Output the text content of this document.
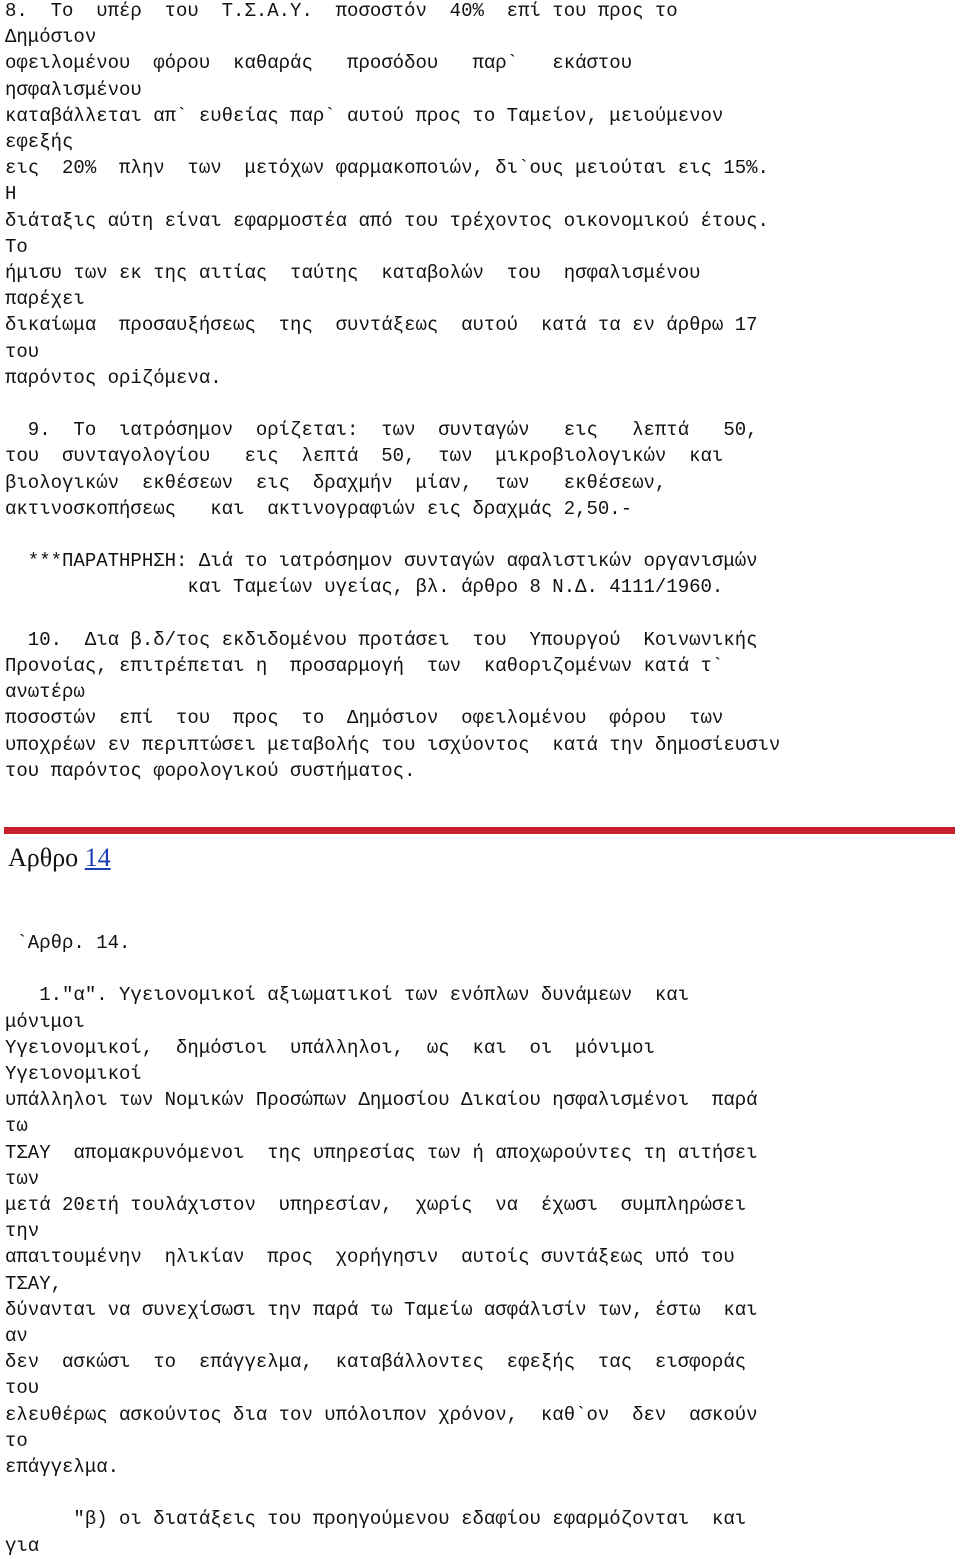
8.  Το  υπέρ  του  Τ.Σ.Α.Υ.  ποσοστόν  40%  επί του προς το
Δημόσιον
οφειλομένου  φόρου  καθαράς   προσόδου   παρ`   εκάστου
ησφαλισμένου
καταβάλλεται απ` ευθείας παρ` αυτού προς το Ταμείον, μειούμενον
εφεξής
εις  20%  πλην  των  μετόχων φαρμακοποιών, δι`ους μειούται εις 15%.
Η
διάταξις αύτη είναι εφαρμοστέα από του τρέχοντος οικονομικού έτους.
Το
ήμισυ των εκ της αιτίας  ταύτης  καταβολών  του  ησφαλισμένου
παρέχει
δικαίωμα  προσαυξήσεως  της  συντάξεως  αυτού  κατά τα εν άρθρω 17
του
παρόντος ορiζόμενα.
9.  Το  ιατρόσημον  ορίζεται:  των  συνταγών   εις   λεπτά   50,
του  συνταγολογίου   εις  λεπτά  50,  των  μικροβιολογικών  και
βιολογικών  εκθέσεων  εις  δραχμήν  μίαν,  των   εκθέσεων,
ακτινοσκοπήσεως   και  ακτινογραφιών εις δραχμάς 2,50.-
***ΠΑΡΑΤΗΡΗΣΗ: Διά το ιατρόσημον συνταγών αφαλιστικών οργανισμών
και Ταμείων υγείας, βλ. άρθρο 8 Ν.Δ. 4111/1960.
10.  Δια β.δ/τος εκδιδομένου προτάσει  του  Υπουργού  Κοινωνικής
Προνοίας, επιτρέπεται η  προσαρμογή  των  καθοριζομένων κατά τ`
ανωτέρω
ποσοστών  επί  του  προς  το  Δημόσιον  οφειλομένου  φόρου  των
υποχρέων εν περιπτώσει μεταβολής του ισχύοντος  κατά την δημοσίευσιν
του παρόντος φορολογικού συστήματος.
Αρθρο 14
`Αρθρ. 14.
1."α". Υγειονομικοί αξιωματικοί των ενόπλων δυνάμεων  και
μόνιμοι
Υγειονομικοί,  δημόσιοι  υπάλληλοι,  ως  και  οι  μόνιμοι
Υγειονομικοί
υπάλληλοι των Νομικών Προσώπων Δημοσίου Δικαίου ησφαλισμένοι  παρά
τω
ΤΣΑΥ  απομακρυνόμενοι  της υπηρεσίας των ή αποχωρούντες τη αιτήσει
των
μετά 20ετή τουλάχιστον  υπηρεσίαν,  χωρίς  να  έχωσι  συμπληρώσει
την
απαιτουμένην  ηλικίαν  προς  χορήγησιν  αυτοίς συντάξεως υπό του
ΤΣΑΥ,
δύνανται να συνεχίσωσι την παρά τω Ταμείω ασφάλισίν των, έστω  και
αν
δεν  ασκώσι  το  επάγγελμα,  καταβάλλοντες  εφεξής  τας  εισφοράς
του
ελευθέρως ασκούντος δια τον υπόλοιπον χρόνον,  καθ`ον  δεν  ασκούν
το
επάγγελμα.
"β) οι διατάξεις του προηγούμενου εδαφίου εφαρμόζονται  και
για
